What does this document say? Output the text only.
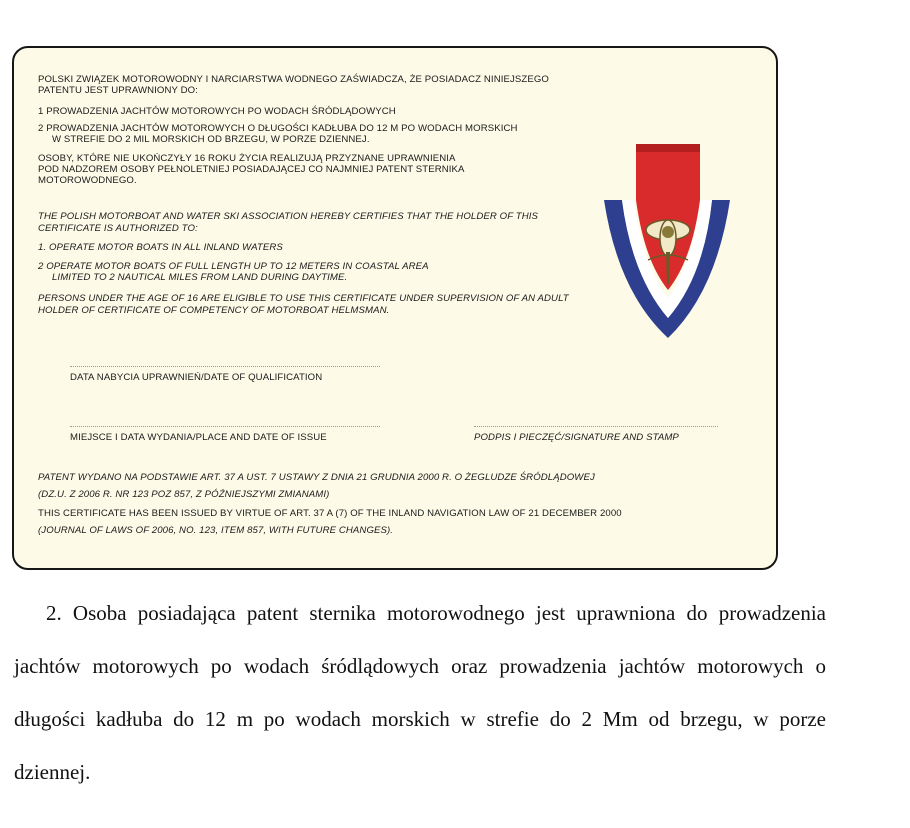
POLSKI ZWIĄZEK MOTOROWODNY I NARCIARSTWA WODNEGO ZAŚWIADCZA, ŻE POSIADACZ NINIEJSZEGO

PATENTU JEST UPRAWNIONY DO:

1 PROWADZENIA JACHTÓW MOTOROWYCH PO WODACH ŚRÓDLĄDOWYCH

2 PROWADZENIA JACHTÓW MOTOROWYCH O DŁUGOŚCI KADŁUBA DO 12 M PO WODACH MORSKICH

W STREFIE DO 2 MIL MORSKICH OD BRZEGU, W PORZE DZIENNEJ.

OSOBY, KTÓRE NIE UKOŃCZYŁY 16 ROKU ŻYCIA REALIZUJĄ PRZYZNANE UPRAWNIENIA

POD NADZOREM OSOBY PEŁNOLETNIEJ POSIADAJĄCEJ CO NAJMNIEJ PATENT STERNIKA

MOTOROWODNEGO.

THE POLISH MOTORBOAT AND WATER SKI ASSOCIATION HEREBY CERTIFIES THAT THE HOLDER OF THIS

CERTIFICATE IS AUTHORIZED TO:

1. OPERATE MOTOR BOATS IN ALL INLAND WATERS

2 OPERATE MOTOR BOATS OF FULL LENGTH UP TO 12 METERS IN COASTAL AREA

LIMITED TO 2 NAUTICAL MILES FROM LAND DURING DAYTIME.

PERSONS UNDER THE AGE OF 16 ARE ELIGIBLE TO USE THIS CERTIFICATE UNDER SUPERVISION OF AN ADULT

HOLDER OF CERTIFICATE OF COMPETENCY OF MOTORBOAT HELMSMAN.

DATA NABYCIA UPRAWNIEŃ/DATE OF QUALIFICATION

MIEJSCE I DATA WYDANIA/PLACE AND DATE OF ISSUE	PODPIS I PIECZĘĆ/SIGNATURE AND STAMP

PATENT WYDANO NA PODSTAWIE ART. 37 A UST. 7 USTAWY Z DNIA 21 GRUDNIA 2000 R. O ŻEGLUDZE ŚRÓDLĄDOWEJ

(DZ.U. Z 2006 R. NR 123 POZ 857, Z PÓŹNIEJSZYMI ZMIANAMI)

THIS CERTIFICATE HAS BEEN ISSUED BY VIRTUE OF ART. 37 A (7) OF THE INLAND NAVIGATION LAW OF 21 DECEMBER 2000

(JOURNAL OF LAWS OF 2006, NO. 123, ITEM 857, WITH FUTURE CHANGES).

2. Osoba posiadająca patent sternika motorowodnego jest uprawniona do prowadzenia

jachtów motorowych po wodach śródlądowych oraz prowadzenia jachtów motorowych o

długości kadłuba do 12 m po wodach morskich w strefie do 2 Mm od brzegu, w porze

dziennej.
